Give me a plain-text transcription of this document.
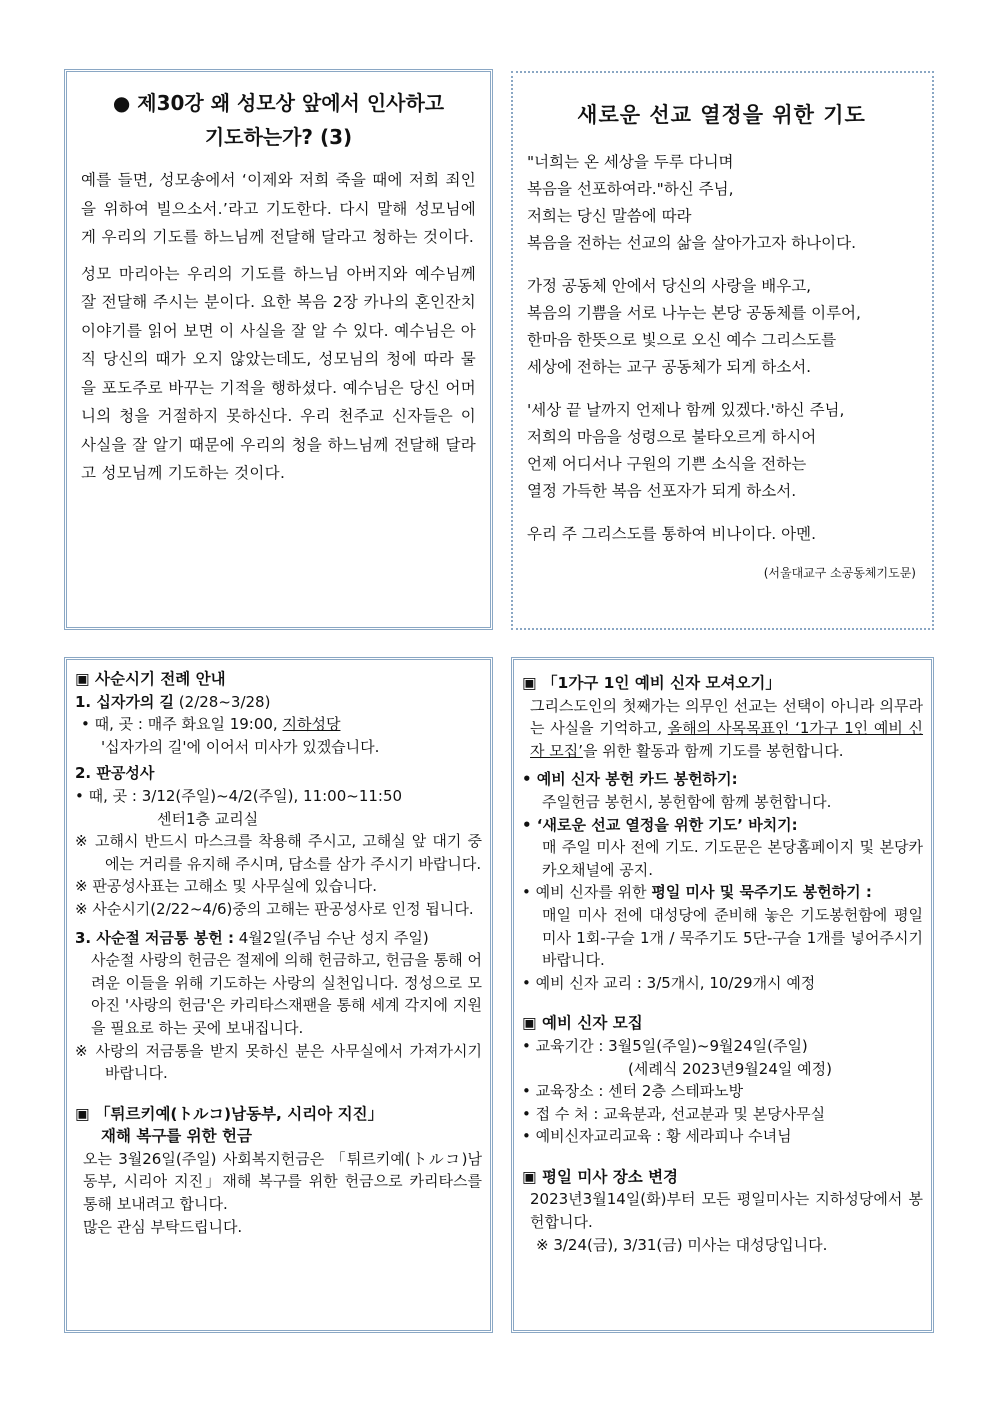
● 제30강 왜 성모상 앞에서 인사하고
기도하는가? (3)
예를 들면, 성모송에서 ‘이제와 저희 죽을 때에 저희 죄인을 위하여 빌으소서.’라고 기도한다. 다시 말해 성모님에게 우리의 기도를 하느님께 전달해 달라고 청하는 것이다.
성모 마리아는 우리의 기도를 하느님 아버지와 예수님께 잘 전달해 주시는 분이다. 요한 복음 2장 카나의 혼인잔치 이야기를 읽어 보면 이 사실을 잘 알 수 있다. 예수님은 아직 당신의 때가 오지 않았는데도, 성모님의 청에 따라 물을 포도주로 바꾸는 기적을 행하셨다. 예수님은 당신 어머니의 청을 거절하지 못하신다. 우리 천주교 신자들은 이 사실을 잘 알기 때문에 우리의 청을 하느님께 전달해 달라고 성모님께 기도하는 것이다.
새로운 선교 열정을 위한 기도
"너희는 온 세상을 두루 다니며
복음을 선포하여라."하신 주님,
저희는 당신 말씀에 따라
복음을 전하는 선교의 삶을 살아가고자 하나이다.
가정 공동체 안에서 당신의 사랑을 배우고,
복음의 기쁨을 서로 나누는 본당 공동체를 이루어,
한마음 한뜻으로 빛으로 오신 예수 그리스도를
세상에 전하는 교구 공동체가 되게 하소서.
'세상 끝 날까지 언제나 함께 있겠다.'하신 주님,
저희의 마음을 성령으로 불타오르게 하시어
언제 어디서나 구원의 기쁜 소식을 전하는
열정 가득한 복음 선포자가 되게 하소서.
우리 주 그리스도를 통하여 비나이다. 아멘.
(서울대교구 소공동체기도문)
▣ 사순시기 전례 안내
1. 십자가의 길 (2/28~3/28)
• 때, 곳 : 매주 화요일 19:00, 지하성당
'십자가의 길'에 이어서 미사가 있겠습니다.
2. 판공성사
• 때, 곳 : 3/12(주일)~4/2(주일), 11:00~11:50
센터1층 교리실
※ 고해시 반드시 마스크를 착용해 주시고, 고해실 앞 대기 중에는 거리를 유지해 주시며, 담소를 삼가 주시기 바랍니다.
※ 판공성사표는 고해소 및 사무실에 있습니다.
※ 사순시기(2/22~4/6)중의 고해는 판공성사로 인정 됩니다.
3. 사순절 저금통 봉헌 : 4월2일(주님 수난 성지 주일)
사순절 사랑의 헌금은 절제에 의해 헌금하고, 헌금을 통해 어려운 이들을 위해 기도하는 사랑의 실천입니다. 정성으로 모아진 '사랑의 헌금'은 카리타스재팬을 통해 세계 각지에 지원을 필요로 하는 곳에 보내집니다.
※ 사랑의 저금통을 받지 못하신 분은 사무실에서 가져가시기 바랍니다.
▣ 「튀르키예(トルコ)남동부, 시리아 지진」
재해 복구를 위한 헌금
오는 3월26일(주일) 사회복지헌금은 「튀르키예(トルコ)남동부, 시리아 지진」재해 복구를 위한 헌금으로 카리타스를 통해 보내려고 합니다.
많은 관심 부탁드립니다.
▣ 「1가구 1인 예비 신자 모셔오기」
그리스도인의 첫째가는 의무인 선교는 선택이 아니라 의무라는 사실을 기억하고, 올해의 사목목표인 ‘1가구 1인 예비 신자 모집’을 위한 활동과 함께 기도를 봉헌합니다.
• 예비 신자 봉헌 카드 봉헌하기:
주일헌금 봉헌시, 봉헌함에 함께 봉헌합니다.
• ‘새로운 선교 열정을 위한 기도’ 바치기:
매 주일 미사 전에 기도. 기도문은 본당홈페이지 및 본당카카오채널에 공지.
• 예비 신자를 위한 평일 미사 및 묵주기도 봉헌하기 :
매일 미사 전에 대성당에 준비해 놓은 기도봉헌함에 평일미사 1회-구슬 1개 / 묵주기도 5단-구슬 1개를 넣어주시기 바랍니다.
• 예비 신자 교리 : 3/5개시, 10/29개시 예정
▣ 예비 신자 모집
• 교육기간 : 3월5일(주일)~9월24일(주일)
(세례식 2023년9월24일 예정)
• 교육장소 : 센터 2층 스테파노방
• 접 수 처 : 교육분과, 선교분과 및 본당사무실
• 예비신자교리교육 : 황 세라피나 수녀님
▣ 평일 미사 장소 변경
2023년3월14일(화)부터 모든 평일미사는 지하성당에서 봉헌합니다.
※ 3/24(금), 3/31(금) 미사는 대성당입니다.
